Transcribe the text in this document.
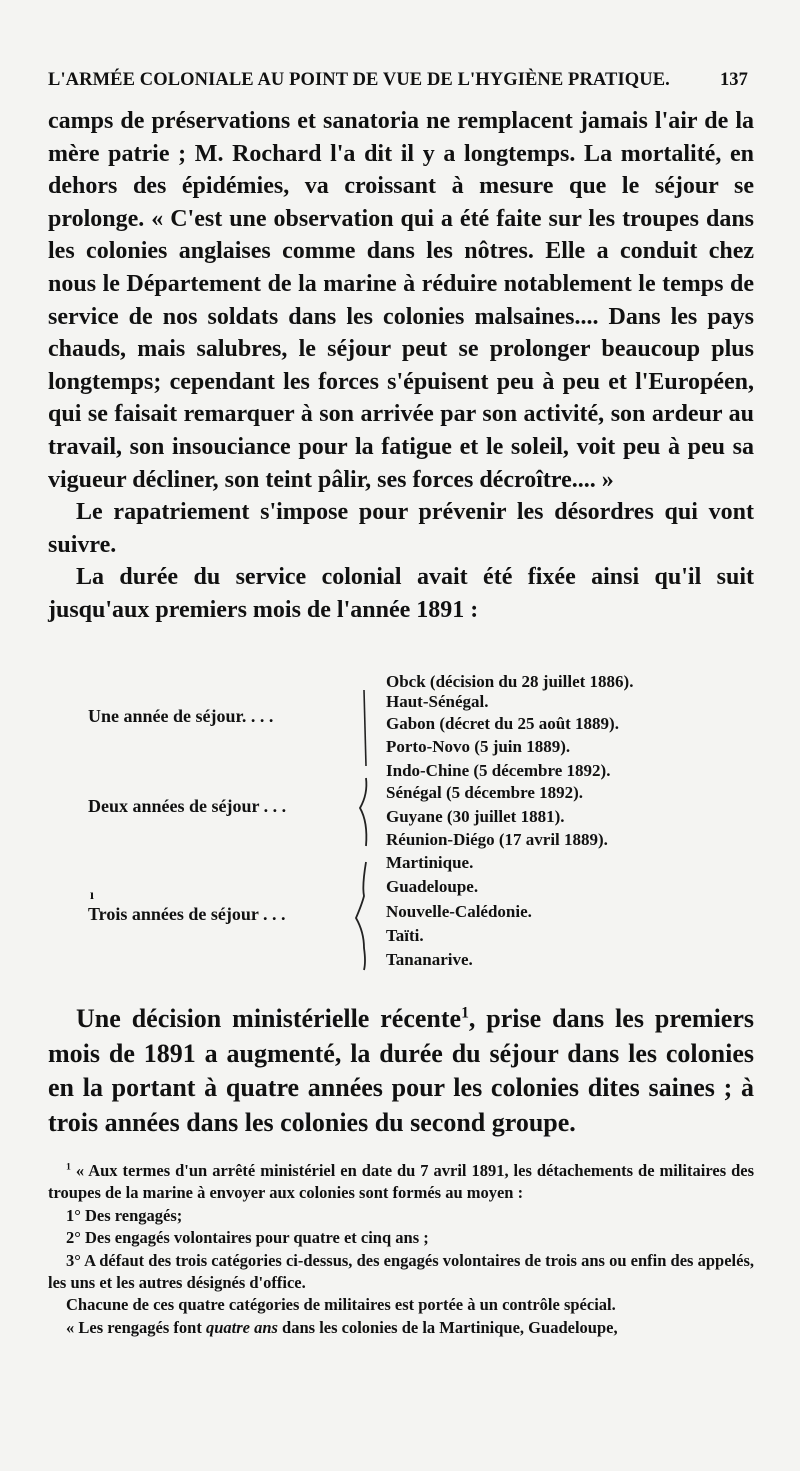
L'ARMÉE COLONIALE AU POINT DE VUE DE L'HYGIÈNE PRATIQUE.	137

camps de préservations et sanatoria ne remplacent jamais l'air de la mère patrie ; M. Rochard l'a dit il y a longtemps. La mortalité, en dehors des épidémies, va croissant à mesure que le séjour se prolonge. « C'est une observation qui a été faite sur les troupes dans les colonies anglaises comme dans les nôtres. Elle a conduit chez nous le Département de la marine à réduire notablement le temps de service de nos soldats dans les colonies malsaines.... Dans les pays chauds, mais salubres, le séjour peut se prolonger beaucoup plus longtemps; cependant les forces s'épuisent peu à peu et l'Européen, qui se faisait remarquer à son arrivée par son activité, son ardeur au travail, son insouciance pour la fatigue et le soleil, voit peu à peu sa vigueur décliner, son teint pâlir, ses forces décroître.... »

Le rapatriement s'impose pour prévenir les désordres qui vont suivre.

La durée du service colonial avait été fixée ainsi qu'il suit jusqu'aux premiers mois de l'année 1891 :

Une année de séjour. . . .
Obck (décision du 28 juillet 1886).
Haut-Sénégal.
Gabon (décret du 25 août 1889).
Porto-Novo (5 juin 1889).
Deux années de séjour . . .
Indo-Chine (5 décembre 1892).
Sénégal (5 décembre 1892).
Guyane (30 juillet 1881).
Réunion-Diégo (17 avril 1889).
Trois années de séjour . . .
Martinique.
Guadeloupe.
Nouvelle-Calédonie.
Taïti.
Tananarive.
ı

Une décision ministérielle récente$^1$, prise dans les premiers mois de 1891 a augmenté, la durée du séjour dans les colonies en la portant à quatre années pour les colonies dites saines ; à trois années dans les colonies du second groupe.

$^1$ « Aux termes d'un arrêté ministériel en date du 7 avril 1891, les détachements de militaires des troupes de la marine à envoyer aux colonies sont formés au moyen :

1° Des rengagés;

2° Des engagés volontaires pour quatre et cinq ans ;

3° A défaut des trois catégories ci-dessus, des engagés volontaires de trois ans ou enfin des appelés, les uns et les autres désignés d'office.

Chacune de ces quatre catégories de militaires est portée à un contrôle spécial.

« Les rengagés font quatre ans dans les colonies de la Martinique, Guadeloupe,
